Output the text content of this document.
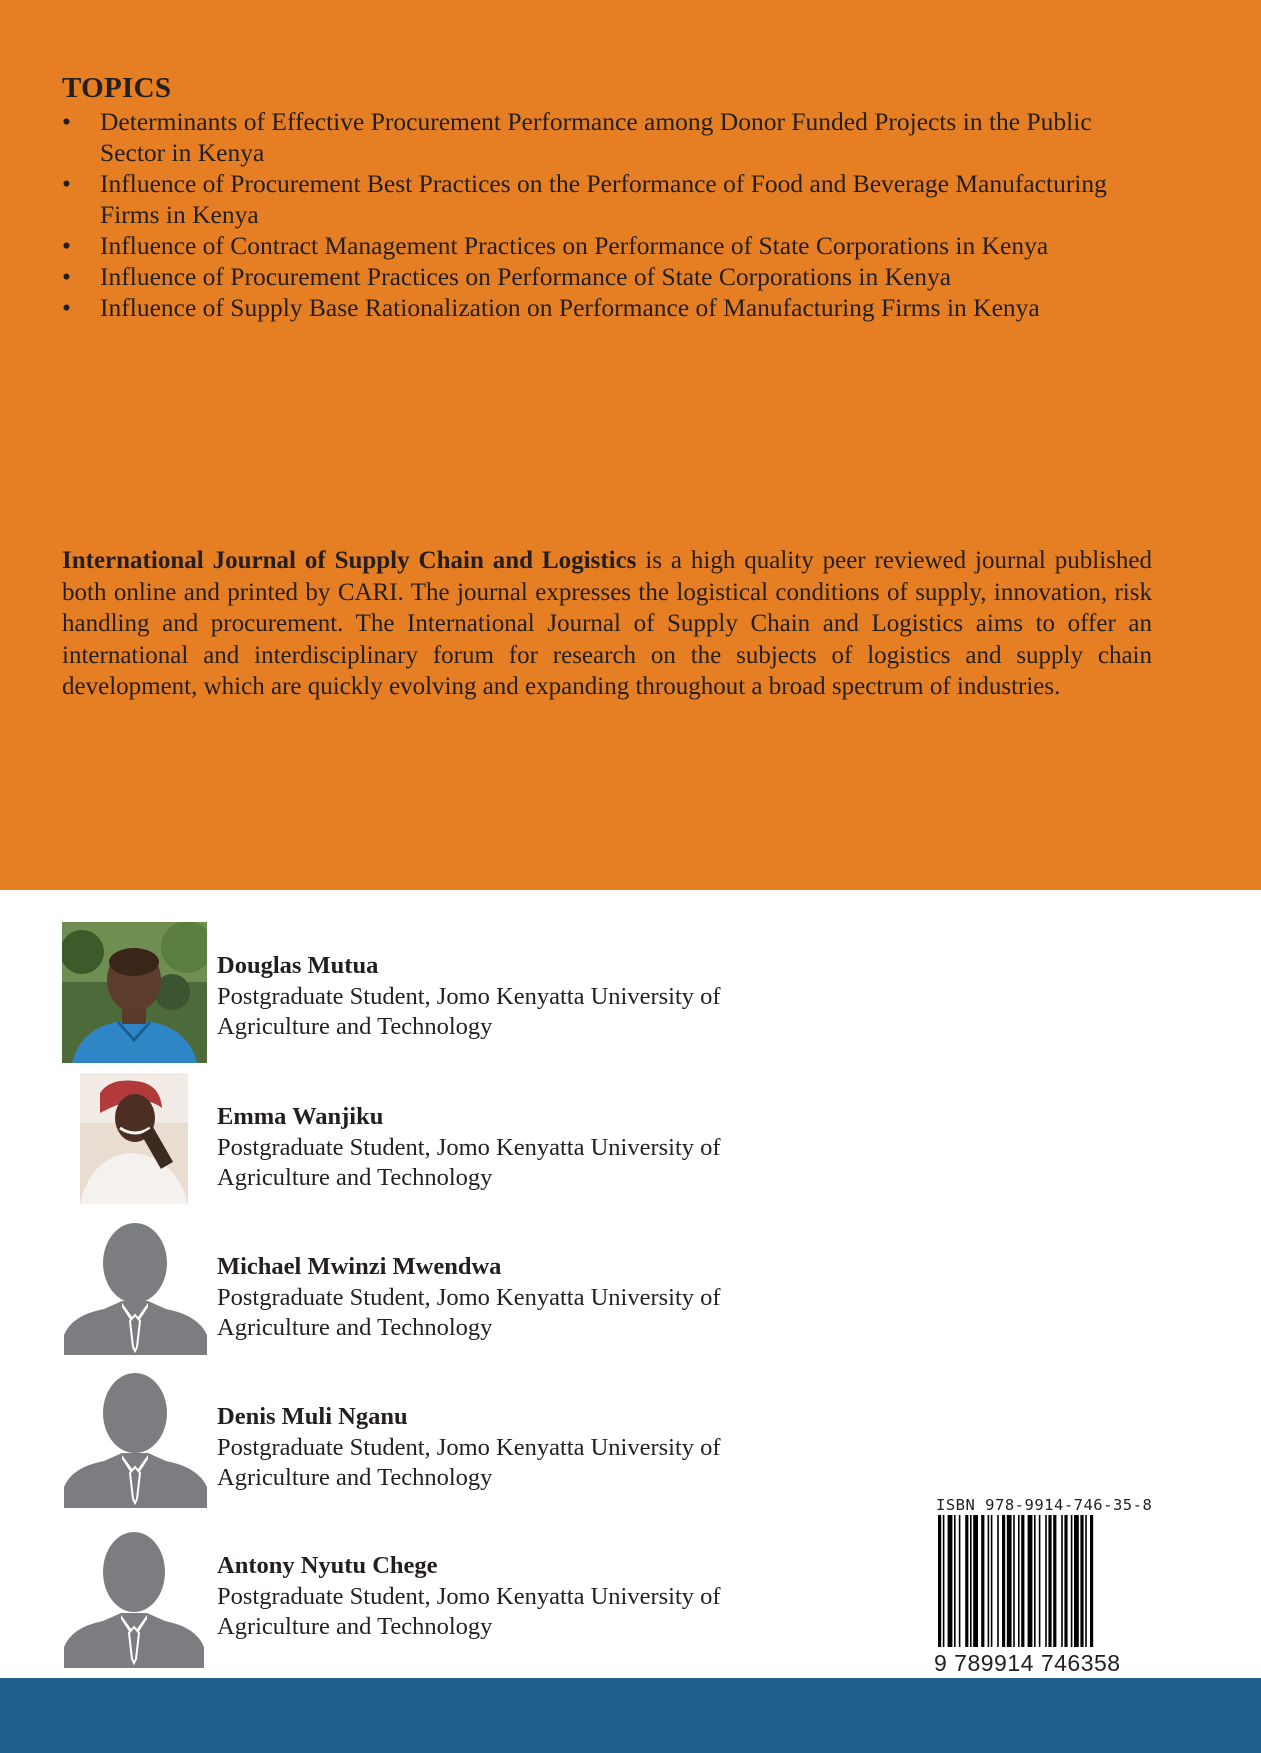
TOPICS
• Determinants of Effective Procurement Performance among Donor Funded Projects in the Public Sector in Kenya
• Influence of Procurement Best Practices on the Performance of Food and Beverage Manufacturing Firms in Kenya
• Influence of Contract Management Practices on Performance of State Corporations in Kenya
• Influence of Procurement Practices on Performance of State Corporations in Kenya
• Influence of Supply Base Rationalization on Performance of Manufacturing Firms in Kenya

International Journal of Supply Chain and Logistics is a high quality peer reviewed journal published both online and printed by CARI. The journal expresses the logistical conditions of supply, innovation, risk handling and procurement. The International Journal of Supply Chain and Logistics aims to offer an international and interdisciplinary forum for research on the subjects of logistics and supply chain development, which are quickly evolving and expanding throughout a broad spectrum of industries.

Douglas Mutua
Postgraduate Student, Jomo Kenyatta University of Agriculture and Technology
Emma Wanjiku
Postgraduate Student, Jomo Kenyatta University of Agriculture and Technology
Michael Mwinzi Mwendwa
Postgraduate Student, Jomo Kenyatta University of Agriculture and Technology
Denis Muli Nganu
Postgraduate Student, Jomo Kenyatta University of Agriculture and Technology
Antony Nyutu Chege
Postgraduate Student, Jomo Kenyatta University of Agriculture and Technology
ISBN 978-9914-746-35-8
9 789914 746358
